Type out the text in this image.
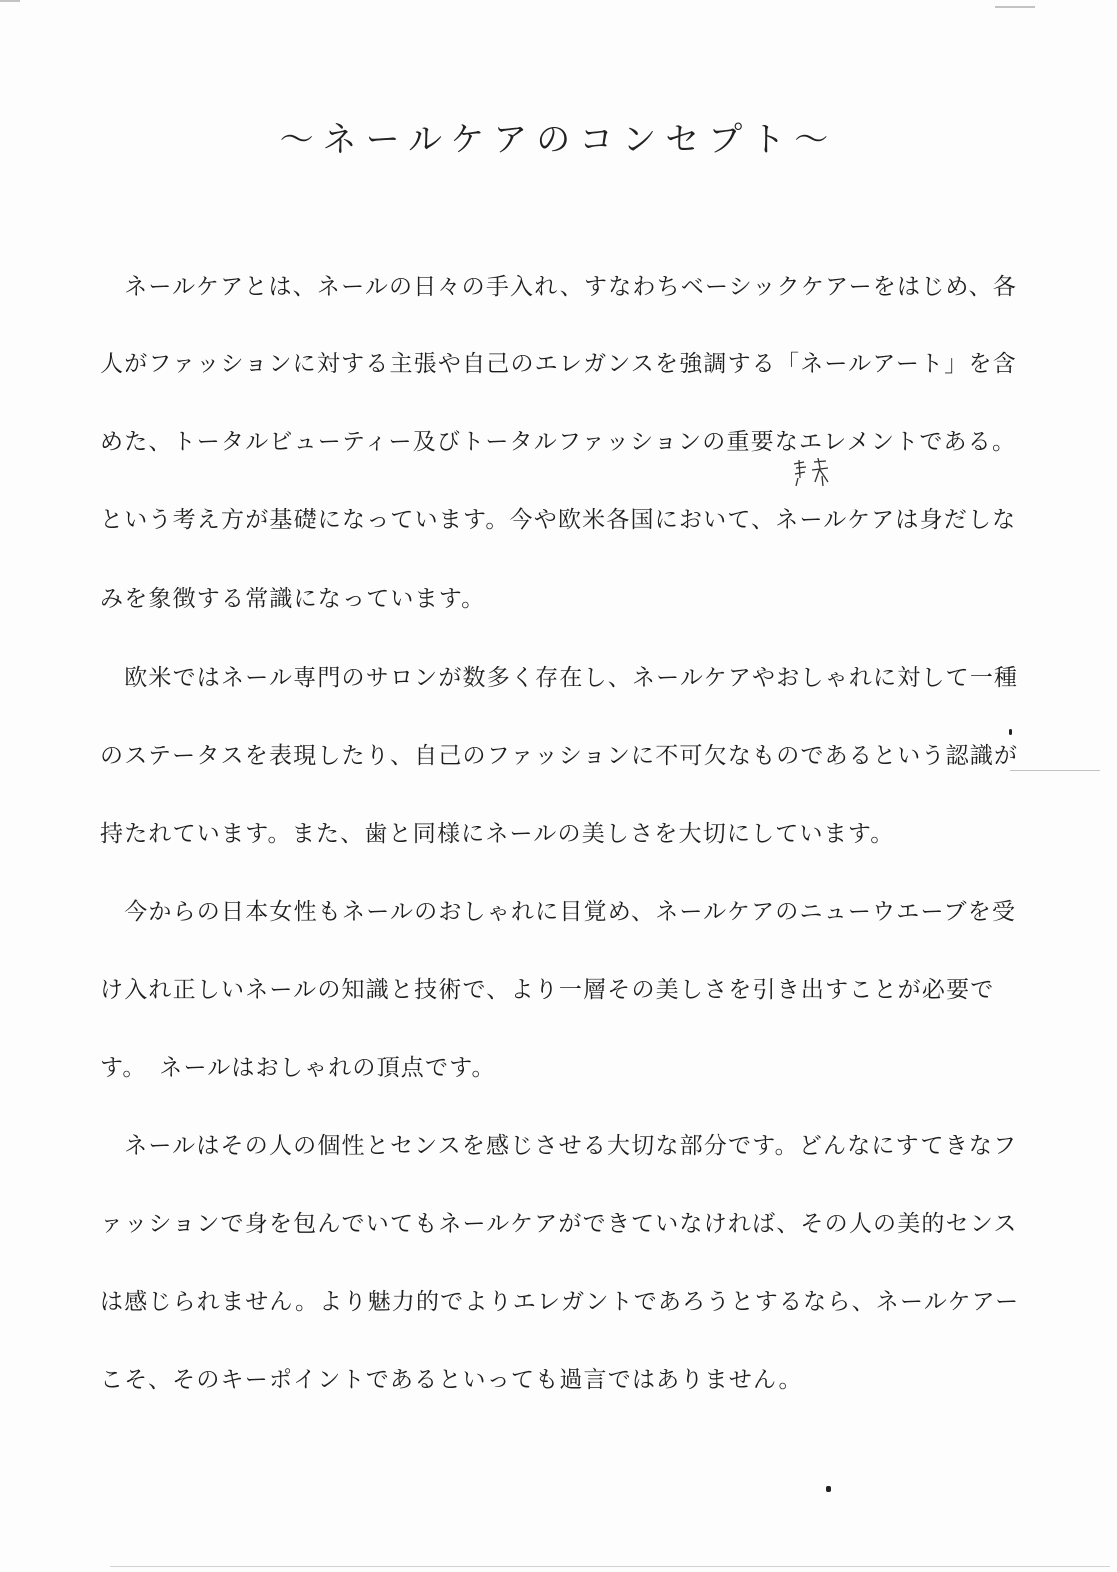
〜ネールケアのコンセプト〜
　ネールケアとは、ネールの日々の手入れ、すなわちベーシックケアーをはじめ、各
人がファッションに対する主張や自己のエレガンスを強調する「ネールアート」を含
めた、トータルビューティー及びトータルファッションの重要なエレメントである。
という考え方が基礎になっています。今や欧米各国において、ネールケアは身だしな
みを象徴する常識になっています。
　欧米ではネール専門のサロンが数多く存在し、ネールケアやおしゃれに対して一種
のステータスを表現したり、自己のファッションに不可欠なものであるという認識が
持たれています。また、歯と同様にネールの美しさを大切にしています。
　今からの日本女性もネールのおしゃれに目覚め、ネールケアのニューウエーブを受
け入れ正しいネールの知識と技術で、より一層その美しさを引き出すことが必要で
す。　ネールはおしゃれの頂点です。
　ネールはその人の個性とセンスを感じさせる大切な部分です。どんなにすてきなフ
ァッションで身を包んでいてもネールケアができていなければ、その人の美的センス
は感じられません。より魅力的でよりエレガントであろうとするなら、ネールケアー
こそ、そのキーポイントであるといっても過言ではありません。
